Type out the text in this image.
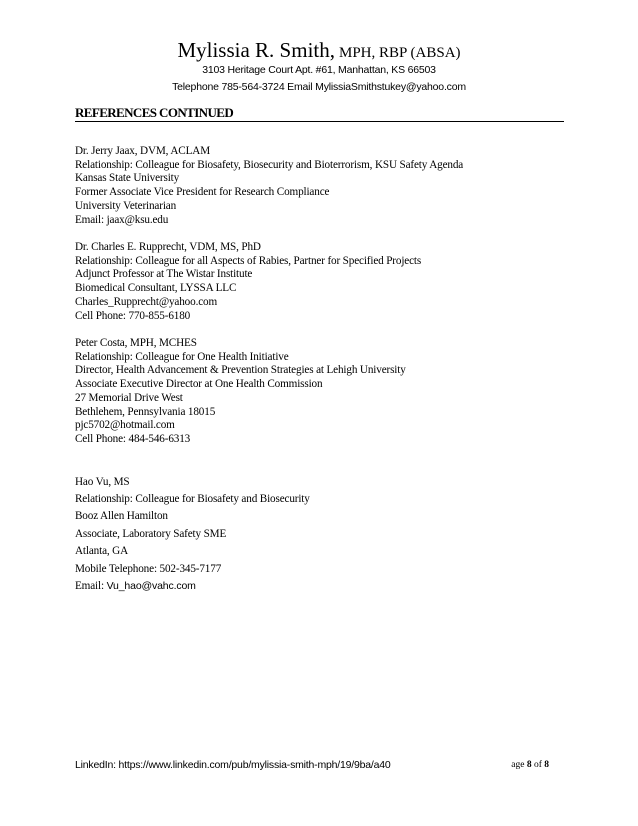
Mylissia R. Smith, MPH, RBP (ABSA)
3103 Heritage Court Apt. #61, Manhattan, KS 66503
Telephone 785-564-3724 Email MylissiaSmithstukey@yahoo.com
REFERENCES CONTINUED
Dr. Jerry Jaax, DVM, ACLAM
Relationship: Colleague for Biosafety, Biosecurity and Bioterrorism, KSU Safety Agenda
Kansas State University
Former Associate Vice President for Research Compliance
University Veterinarian
Email: jaax@ksu.edu
Dr. Charles E. Rupprecht, VDM, MS, PhD
Relationship: Colleague for all Aspects of Rabies, Partner for Specified Projects
Adjunct Professor at The Wistar Institute
Biomedical Consultant, LYSSA LLC
Charles_Rupprecht@yahoo.com
Cell Phone: 770-855-6180
Peter Costa, MPH, MCHES
Relationship: Colleague for One Health Initiative
Director, Health Advancement & Prevention Strategies at Lehigh University
Associate Executive Director at One Health Commission
27 Memorial Drive West
Bethlehem, Pennsylvania 18015
pjc5702@hotmail.com
Cell Phone: 484-546-6313
Hao Vu, MS
Relationship: Colleague for Biosafety and Biosecurity
Booz Allen Hamilton
Associate, Laboratory Safety SME
Atlanta, GA
Mobile Telephone: 502-345-7177
Email: Vu_hao@vahc.com
LinkedIn: https://www.linkedin.com/pub/mylissia-smith-mph/19/9ba/a40	age 8 of 8
